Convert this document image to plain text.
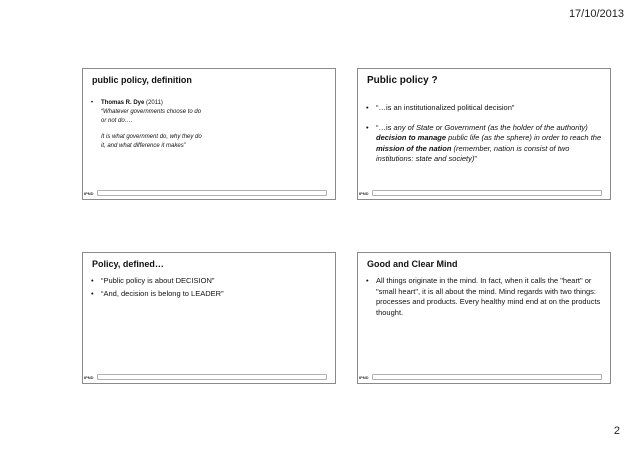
17/10/2013
public policy, definition
• Thomas R. Dye (2011)
“Whatever governments choose to do
or not do….
It is what government do, why they do
it, and what difference it makes”
IPND
Public policy ?
• “…is an institutionalized political decision”
• “…is any of State or Government (as the holder of the authority) decision to manage public life (as the sphere) in order to reach the mission of the nation (remember, nation is consist of two institutions: state and society)”
IPND
Policy, defined…
• “Public policy is about DECISION”
• “And, decision is belong to LEADER”
IPND
Good and Clear Mind
• All things originate in the mind. In fact, when it calls the "heart" or "small heart", it is all about the mind. Mind regards with two things: processes and products. Every healthy mind end at on the products thought.
IPND
2
